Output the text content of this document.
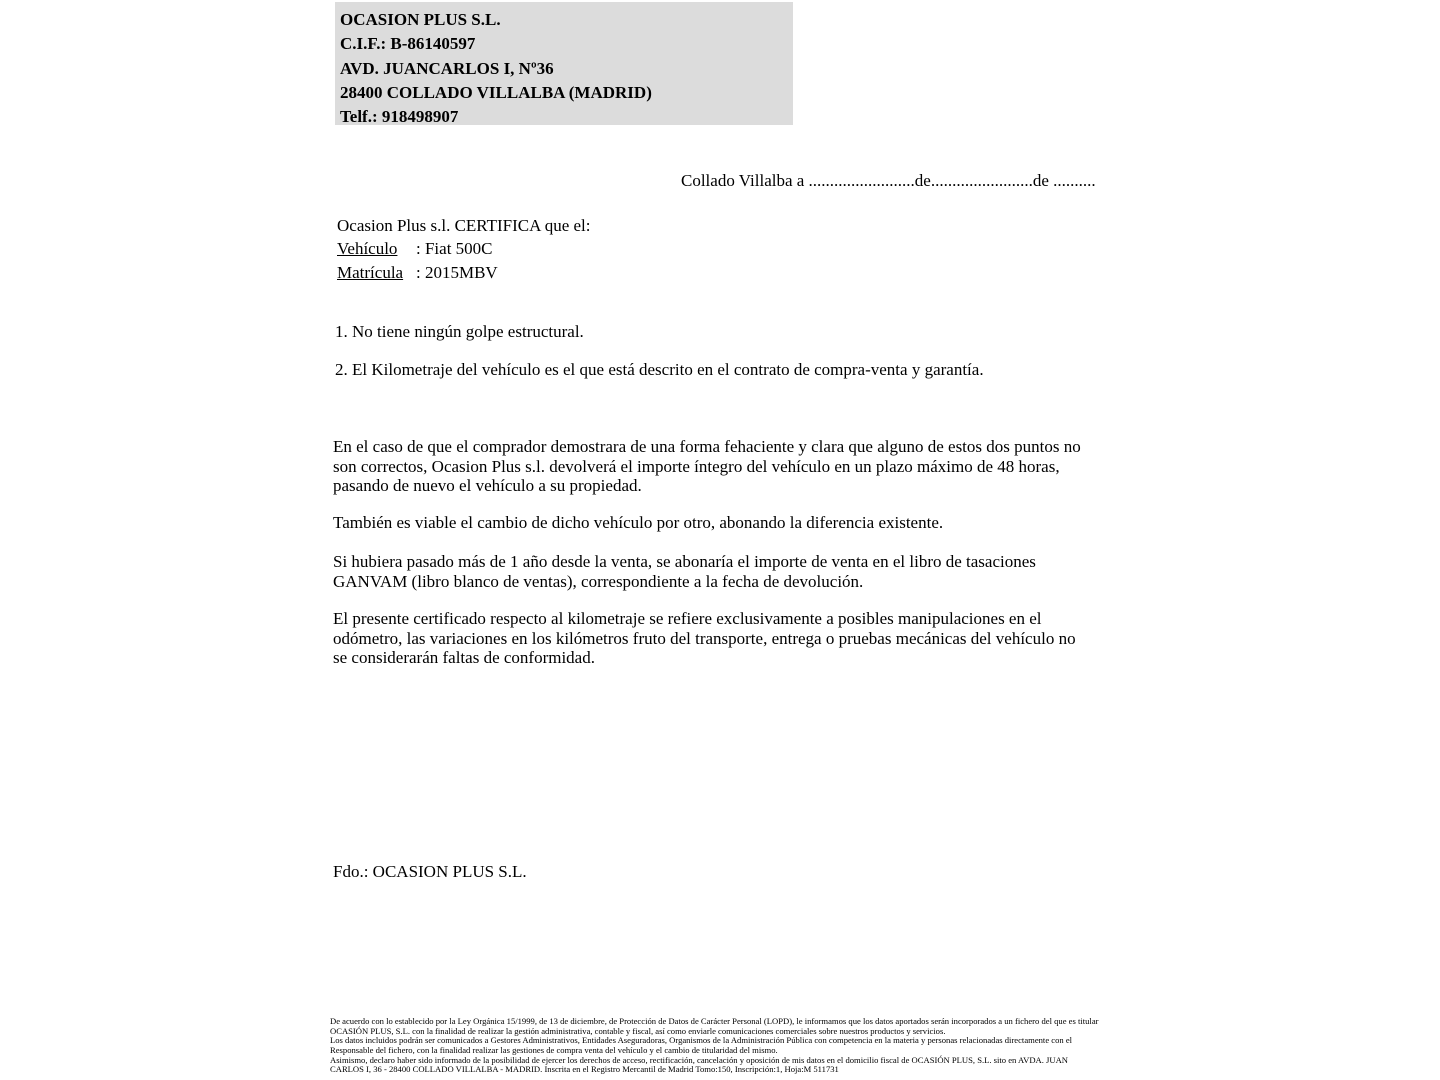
OCASION PLUS S.L.
C.I.F.: B-86140597
AVD. JUANCARLOS I, Nº36
28400 COLLADO VILLALBA (MADRID)
Telf.: 918498907
Collado Villalba a .........................de........................de ..........
Ocasion Plus s.l. CERTIFICA que el:
Vehículo	: Fiat 500C
Matrícula : 2015MBV
1. No tiene ningún golpe estructural.
2. El Kilometraje del vehículo es el que está descrito en el contrato de compra-venta y garantía.
En el caso de que el comprador demostrara de una forma fehaciente y clara que alguno de estos dos puntos no
son correctos, Ocasion Plus s.l. devolverá el importe íntegro del vehículo en un plazo máximo de 48 horas,
pasando de nuevo el vehículo a su propiedad.
También es viable el cambio de dicho vehículo por otro, abonando la diferencia existente.
Si hubiera pasado más de 1 año desde la venta, se abonaría el importe de venta en el libro de tasaciones
GANVAM (libro blanco de ventas), correspondiente a la fecha de devolución.
El presente certificado respecto al kilometraje se refiere exclusivamente a posibles manipulaciones en el
odómetro, las variaciones en los kilómetros fruto del transporte, entrega o pruebas mecánicas del vehículo no
se considerarán faltas de conformidad.
Fdo.: OCASION PLUS S.L.
De acuerdo con lo establecido por la Ley Orgánica 15/1999, de 13 de diciembre, de Protección de Datos de Carácter Personal (LOPD), le informamos que los datos aportados serán incorporados a un fichero del que es titular
OCASIÓN PLUS, S.L. con la finalidad de realizar la gestión administrativa, contable y fiscal, así como enviarle comunicaciones comerciales sobre nuestros productos y servicios.
Los datos incluidos podrán ser comunicados a Gestores Administrativos, Entidades Aseguradoras, Organismos de la Administración Pública con competencia en la materia y personas relacionadas directamente con el
Responsable del fichero, con la finalidad realizar las gestiones de compra venta del vehículo y el cambio de titularidad del mismo.
Asimismo, declaro haber sido informado de la posibilidad de ejercer los derechos de acceso, rectificación, cancelación y oposición de mis datos en el domicilio fiscal de OCASIÓN PLUS, S.L. sito en AVDA. JUAN
CARLOS I, 36 - 28400 COLLADO VILLALBA - MADRID. Inscrita en el Registro Mercantil de Madrid Tomo:150, Inscripción:1, Hoja:M 511731
